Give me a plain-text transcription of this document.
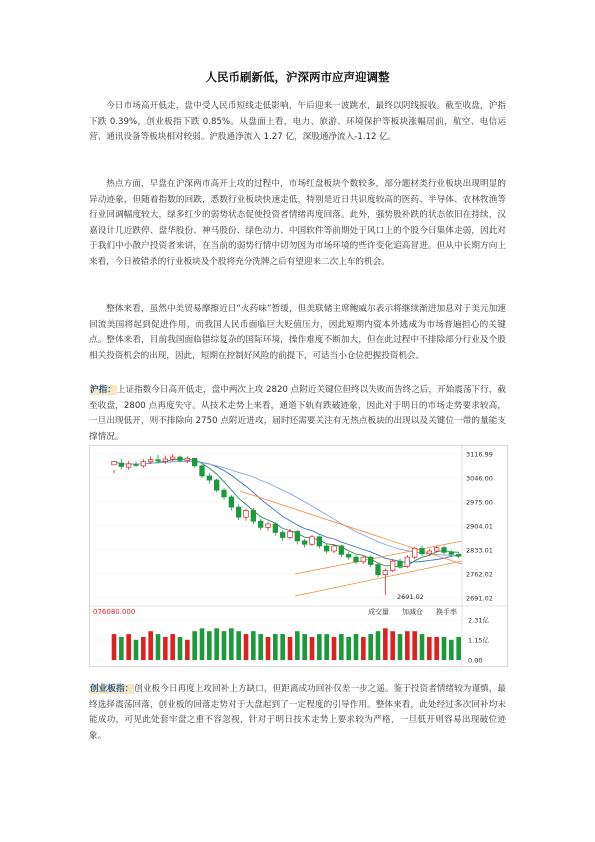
人民币刷新低，沪深两市应声迎调整

今日市场高开低走，盘中受人民币短线走低影响，午后迎来一波跳水，最终以阴线报收。截至收盘，沪指下跌 0.39%，创业板指下跌 0.85%。从盘面上看，电力、旅游、环境保护等板块涨幅居前，航空、电信运营、通讯设备等板块相对较弱。沪股通净流入 1.27 亿，深股通净流入-1.12 亿。

热点方面，早盘在沪深两市高开上攻的过程中，市场红盘板块个数较多，部分题材类行业板块出现明显的异动迹象，但随着指数的回跌，悉数行业板块快速走低，特别是近日共识度较高的医药、半导体、农林牧渔等行业回调幅度较大，绿多红少的弱势状态促使投资者情绪再度回落。此外，强势股补跌的状态依旧在持续，汉嘉设计几近跌停、盘华股份、神马股份、绿色动力、中国软件等前期处于风口上的个股今日集体走弱，因此对于我们中小散户投资者来讲，在当前的弱势行情中切勿因为市场环境的些许变化追高冒进。但从中长期方向上来看，今日被错杀的行业板块及个股将充分洗牌之后有望迎来二次上车的机会。

整体来看，虽然中美贸易摩擦近日“火药味”暂缓，但美联储主席鲍威尔表示将继续渐进加息对于美元加速回流美国将起到促进作用，而我国人民币面临巨大贬值压力，因此短期内资本外逃成为市场普遍担心的关键点。整体来看，目前我国面临错综复杂的国际环境，操作难度不断加大，但在此过程中不排除部分行业及个股相关投资机会的出现，因此，短期在控制好风险的前提下，可适当小仓位把握投资机会。

沪指：上证指数今日高开低走，盘中两次上攻 2820 点附近关键位但终以失败而告终之后，开始震荡下行，截至收盘，2800 点再度失守。从技术走势上来看，通道下轨有跌破迹象，因此对于明日的市场走势要求较高，一旦出现低开，则不排除向 2750 点附近进攻，届时还需要关注有无热点板块的出现以及关键位一带的量能支撑情况。

3116.99
3046.00
2975.00
2904.01
2833.01
2762.02
2691.02
2.31亿
1.15亿
0.00
076080.000	成交量 加减仓 换手率
2691.02

创业板指：创业板今日再度上攻回补上方缺口，但距离成功回补仅差一步之遥。鉴于投资者情绪较为谨慎，最终选择震荡回落，创业板的回落走势对于大盘起到了一定程度的引导作用。整体来看，此处经过多次回补均未能成功，可见此处套牢盘之重不容忽视，针对于明日技术走势上要求较为严格，一旦低开则容易出现破位迹象。
